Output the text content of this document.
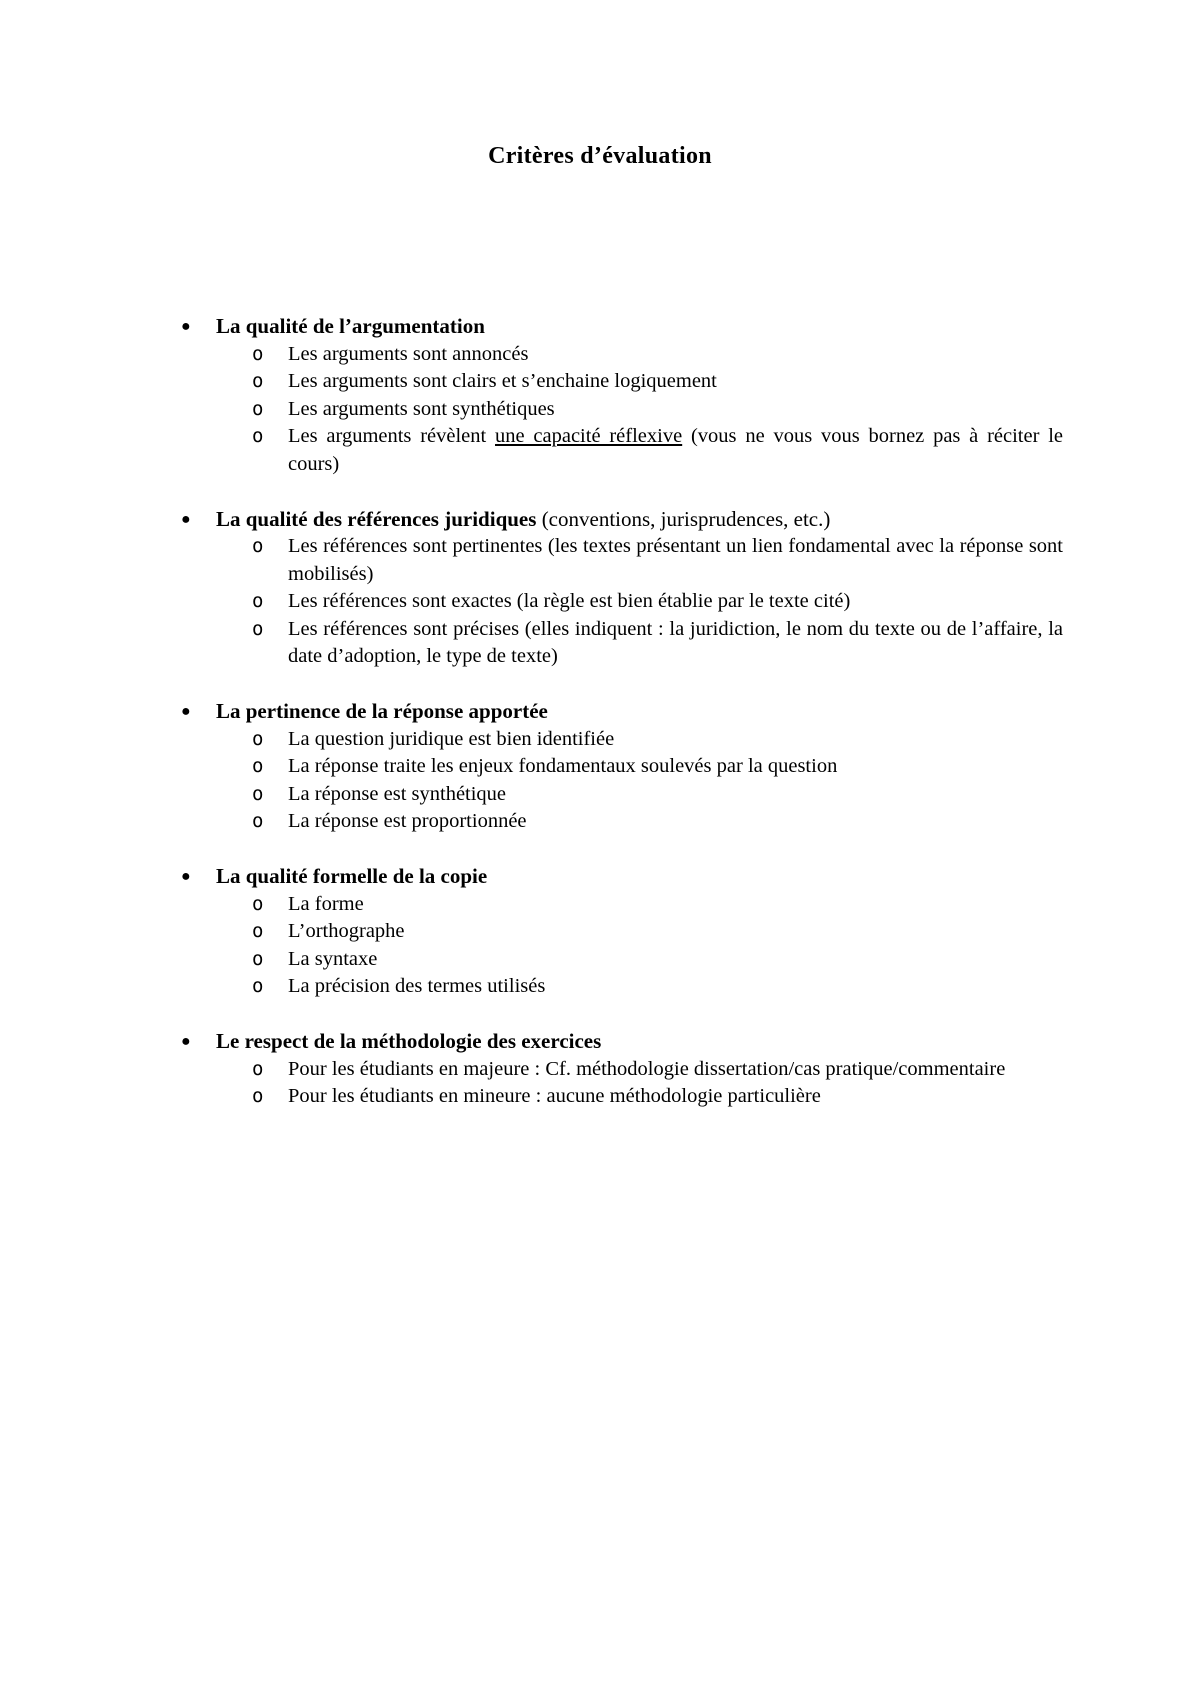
Critères d’évaluation
● La qualité de l’argumentation

o Les arguments sont annoncés
o Les arguments sont clairs et s’enchaine logiquement
o Les arguments sont synthétiques
o Les arguments révèlent une capacité réflexive (vous ne vous vous bornez pas à réciter le cours)
● La qualité des références juridiques (conventions, jurisprudences, etc.)

o Les références sont pertinentes (les textes présentant un lien fondamental avec la réponse sont mobilisés)
o Les références sont exactes (la règle est bien établie par le texte cité)
o Les références sont précises (elles indiquent : la juridiction, le nom du texte ou de l’affaire, la date d’adoption, le type de texte)
● La pertinence de la réponse apportée

o La question juridique est bien identifiée
o La réponse traite les enjeux fondamentaux soulevés par la question
o La réponse est synthétique
o La réponse est proportionnée
● La qualité formelle de la copie

o La forme
o L’orthographe
o La syntaxe
o La précision des termes utilisés
● Le respect de la méthodologie des exercices

o Pour les étudiants en majeure : Cf. méthodologie dissertation/cas pratique/commentaire
o Pour les étudiants en mineure : aucune méthodologie particulière
